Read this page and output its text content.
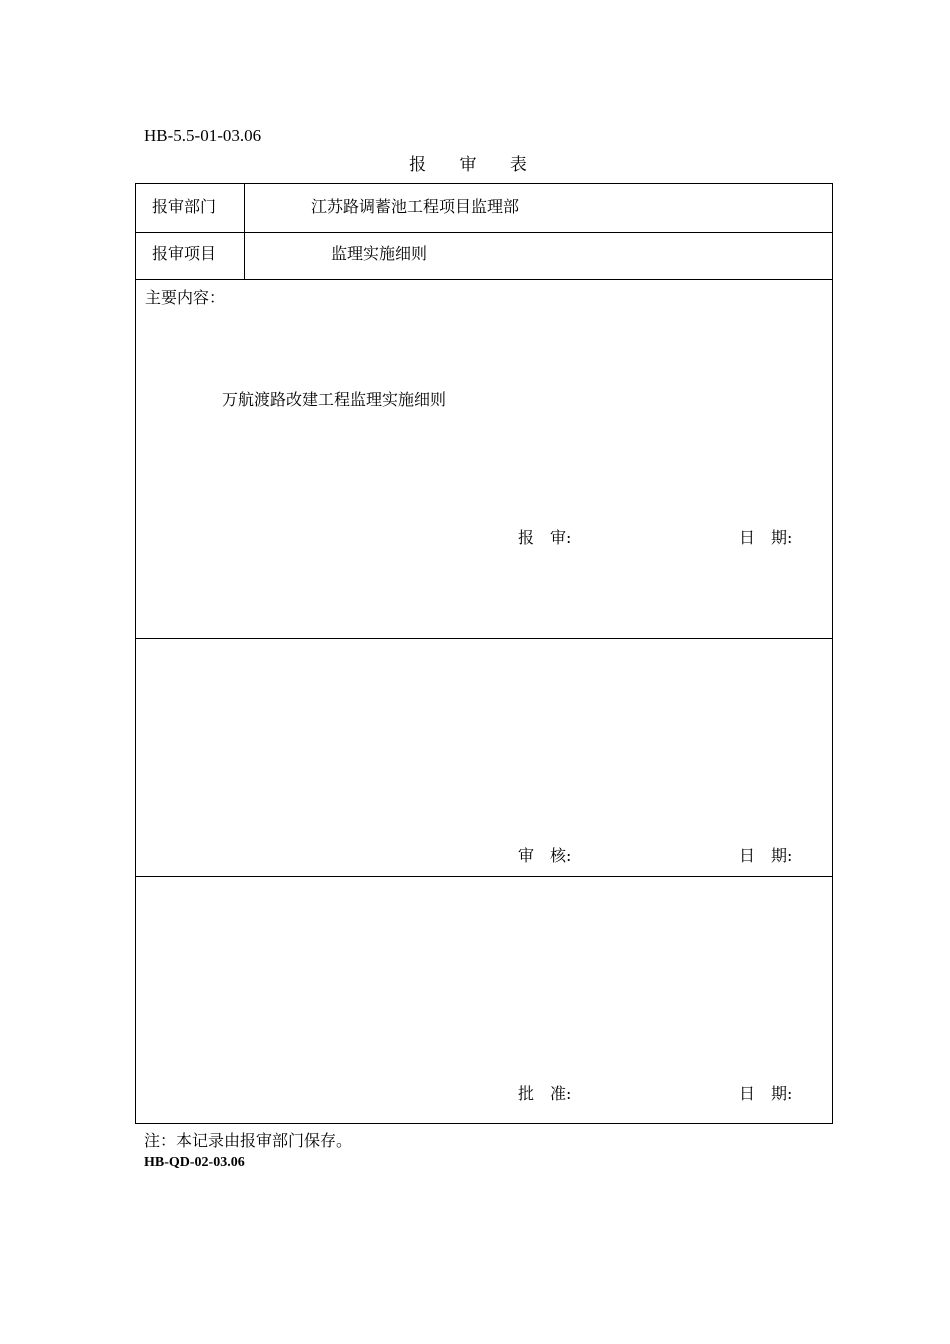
HB-5.5-01-03.06
报 审 表
报审部门	江苏路调蓄池工程项目监理部
报审项目	监理实施细则
主要内容：
万航渡路改建工程监理实施细则
报　审:	日　期:
审　核:	日　期:
批　准:	日　期:
注：本记录由报审部门保存。
HB-QD-02-03.06
